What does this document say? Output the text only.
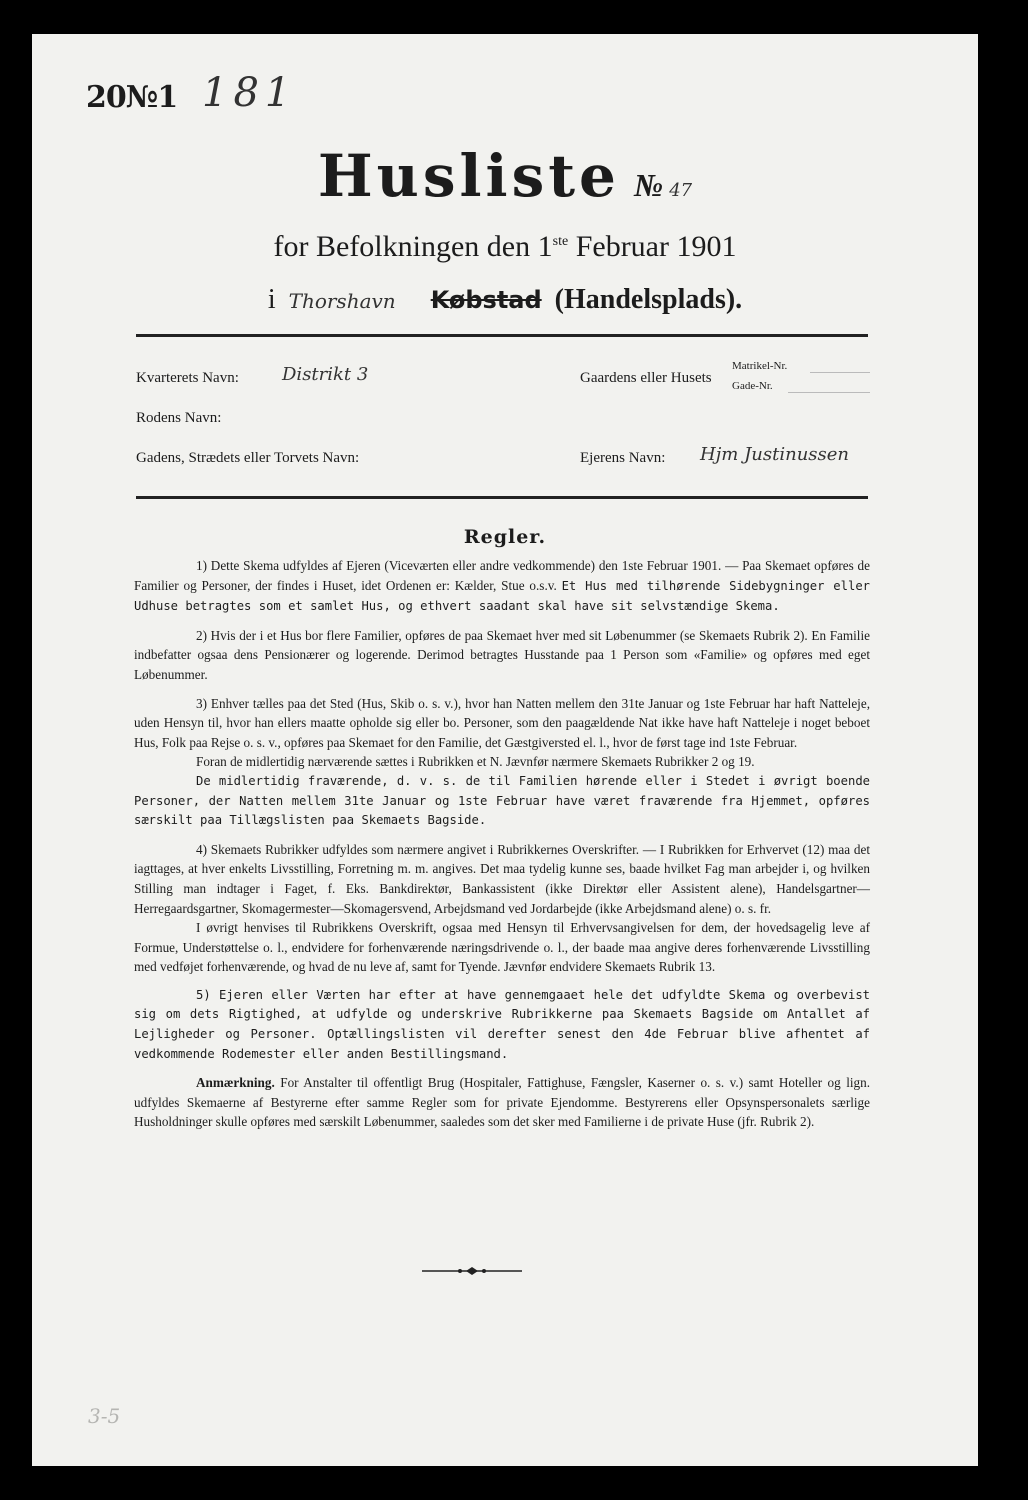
20№1 181
Husliste № 47
for Befolkningen den 1ste Februar 1901
i Thorshavn Købstad (Handelsplads).
Kvarterets Navn: Distrikt 3	Gaardens eller Husets
Matrikel-Nr.
Gade-Nr.
Rodens Navn:
Gadens, Strædets eller Torvets Navn:	Ejerens Navn: Hjm Justinussen
Regler.

1) Dette Skema udfyldes af Ejeren (Viceværten eller andre vedkommende) den 1ste Februar 1901. — Paa Skemaet opføres de Familier og Personer, der findes i Huset, idet Ordenen er: Kælder, Stue o.s.v. Et Hus med tilhørende Sidebygninger eller Udhuse betragtes som et samlet Hus, og ethvert saadant skal have sit selvstændige Skema.

2) Hvis der i et Hus bor flere Familier, opføres de paa Skemaet hver med sit Løbenummer (se Skemaets Rubrik 2). En Familie indbefatter ogsaa dens Pensionærer og logerende. Derimod betragtes Husstande paa 1 Person som «Familie» og opføres med eget Løbenummer.

3) Enhver tælles paa det Sted (Hus, Skib o. s. v.), hvor han Natten mellem den 31te Januar og 1ste Februar har haft Natteleje, uden Hensyn til, hvor han ellers maatte opholde sig eller bo. Personer, som den paagældende Nat ikke have haft Natteleje i noget beboet Hus, Folk paa Rejse o. s. v., opføres paa Skemaet for den Familie, det Gæstgiversted el. l., hvor de først tage ind 1ste Februar.

Foran de midlertidig nærværende sættes i Rubrikken et N. Jævnfør nærmere Skemaets Rubrikker 2 og 19.

De midlertidig fraværende, d. v. s. de til Familien hørende eller i Stedet i øvrigt boende Personer, der Natten mellem 31te Januar og 1ste Februar have været fraværende fra Hjemmet, opføres særskilt paa Tillægslisten paa Skemaets Bagside.

4) Skemaets Rubrikker udfyldes som nærmere angivet i Rubrikkernes Overskrifter. — I Rubrikken for Erhvervet (12) maa det iagttages, at hver enkelts Livsstilling, Forretning m. m. angives. Det maa tydelig kunne ses, baade hvilket Fag man arbejder i, og hvilken Stilling man indtager i Faget, f. Eks. Bankdirektør, Bankassistent (ikke Direktør eller Assistent alene), Handelsgartner—Herregaardsgartner, Skomagermester—Skomagersvend, Arbejdsmand ved Jordarbejde (ikke Arbejdsmand alene) o. s. fr.

I øvrigt henvises til Rubrikkens Overskrift, ogsaa med Hensyn til Erhvervsangivelsen for dem, der hovedsagelig leve af Formue, Understøttelse o. l., endvidere for forhenværende næringsdrivende o. l., der baade maa angive deres forhenværende Livsstilling med vedføjet forhenværende, og hvad de nu leve af, samt for Tyende. Jævnfør endvidere Skemaets Rubrik 13.

5) Ejeren eller Værten har efter at have gennemgaaet hele det udfyldte Skema og overbevist sig om dets Rigtighed, at udfylde og underskrive Rubrikkerne paa Skemaets Bagside om Antallet af Lejligheder og Personer. Optællingslisten vil derefter senest den 4de Februar blive afhentet af vedkommende Rodemester eller anden Bestillingsmand.

Anmærkning. For Anstalter til offentligt Brug (Hospitaler, Fattighuse, Fængsler, Kaserner o. s. v.) samt Hoteller og lign. udfyldes Skemaerne af Bestyrerne efter samme Regler som for private Ejendomme. Bestyrerens eller Opsynspersonalets særlige Husholdninger skulle opføres med særskilt Løbenummer, saaledes som det sker med Familierne i de private Huse (jfr. Rubrik 2).

3-5
